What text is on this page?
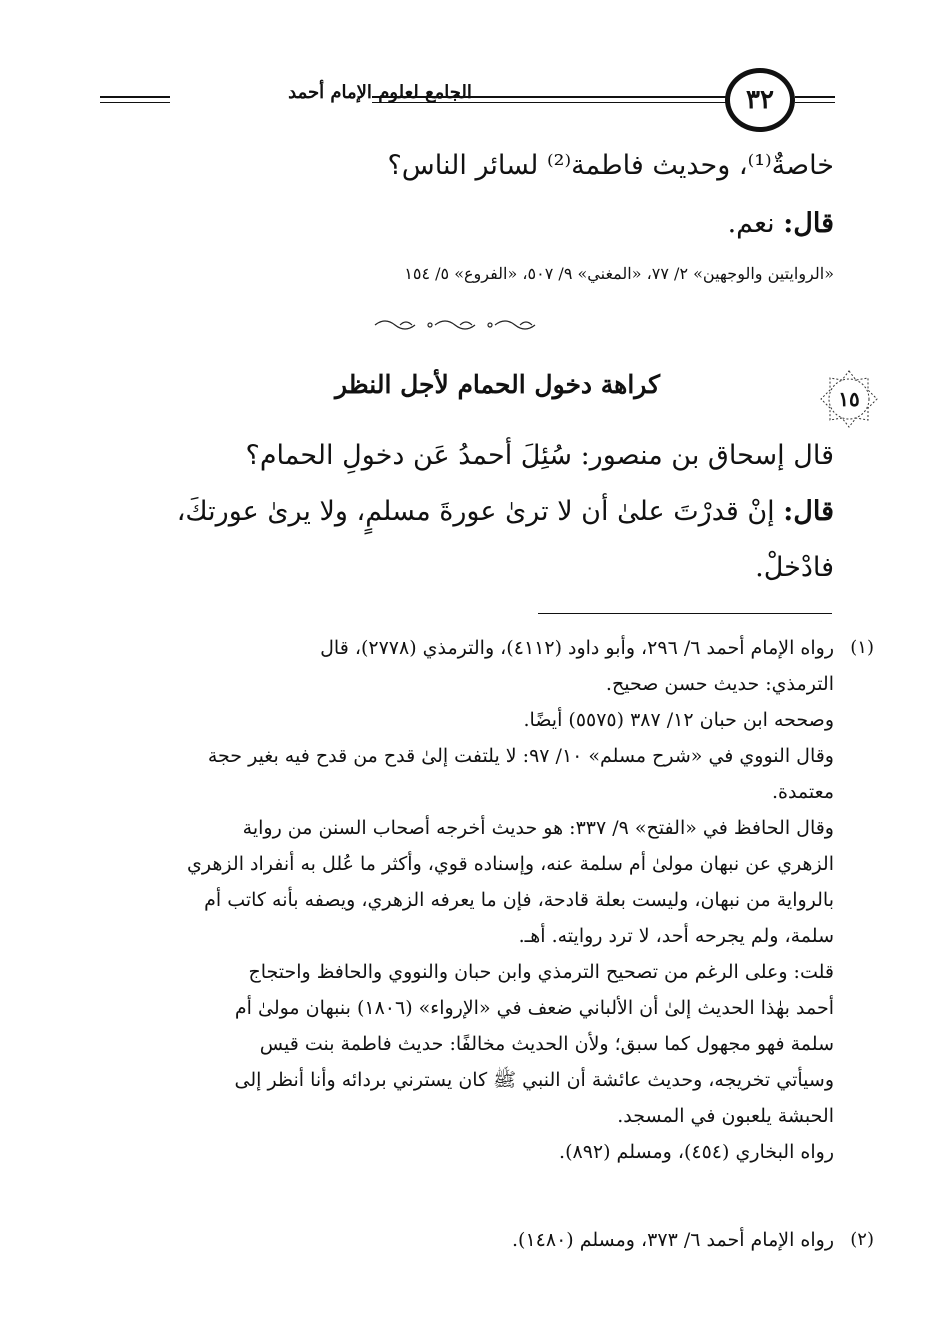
الجامع لعلوم الإمام أحمد	٣٢
خاصةٌ⁽¹⁾، وحديث فاطمة⁽²⁾ لسائر الناس؟
قال: نعم.
«الروايتين والوجهين» ٢/ ٧٧، «المغني» ٩/ ٥٠٧، «الفروع» ٥/ ١٥٤
١٥
كراهة دخول الحمام لأجل النظر
قال إسحاق بن منصور: سُئِلَ أحمدُ عَن دخولِ الحمام؟
قال: إنْ قدرْتَ علىٰ أن لا ترىٰ عورةَ مسلمٍ، ولا يرىٰ عورتكَ،
فادْخلْ.
(١)
رواه الإمام أحمد ٦/ ٢٩٦، وأبو داود (٤١١٢)، والترمذي (٢٧٧٨)، قال
الترمذي: حديث حسن صحيح.
وصححه ابن حبان ١٢/ ٣٨٧ (٥٥٧٥) أيضًا.
وقال النووي في «شرح مسلم» ١٠/ ٩٧: لا يلتفت إلىٰ قدح من قدح فيه بغير حجة
معتمدة.
وقال الحافظ في «الفتح» ٩/ ٣٣٧: هو حديث أخرجه أصحاب السنن من رواية
الزهري عن نبهان مولىٰ أم سلمة عنه، وإسناده قوي، وأكثر ما عُلل به أنفراد الزهري
بالرواية من نبهان، وليست بعلة قادحة، فإن ما يعرفه الزهري، ويصفه بأنه كاتب أم
سلمة، ولم يجرحه أحد، لا ترد روايته. أهـ.
قلت: وعلى الرغم من تصحيح الترمذي وابن حبان والنووي والحافظ واحتجاج
أحمد بهٰذا الحديث إلىٰ أن الألباني ضعف في «الإرواء» (١٨٠٦) بنبهان مولىٰ أم
سلمة فهو مجهول كما سبق؛ ولأن الحديث مخالفًا: حديث فاطمة بنت قيس
وسيأتي تخريجه، وحديث عائشة أن النبي ﷺ كان يسترني بردائه وأنا أنظر إلى
الحبشة يلعبون في المسجد.
رواه البخاري (٤٥٤)، ومسلم (٨٩٢).
(٢)
رواه الإمام أحمد ٦/ ٣٧٣، ومسلم (١٤٨٠).
